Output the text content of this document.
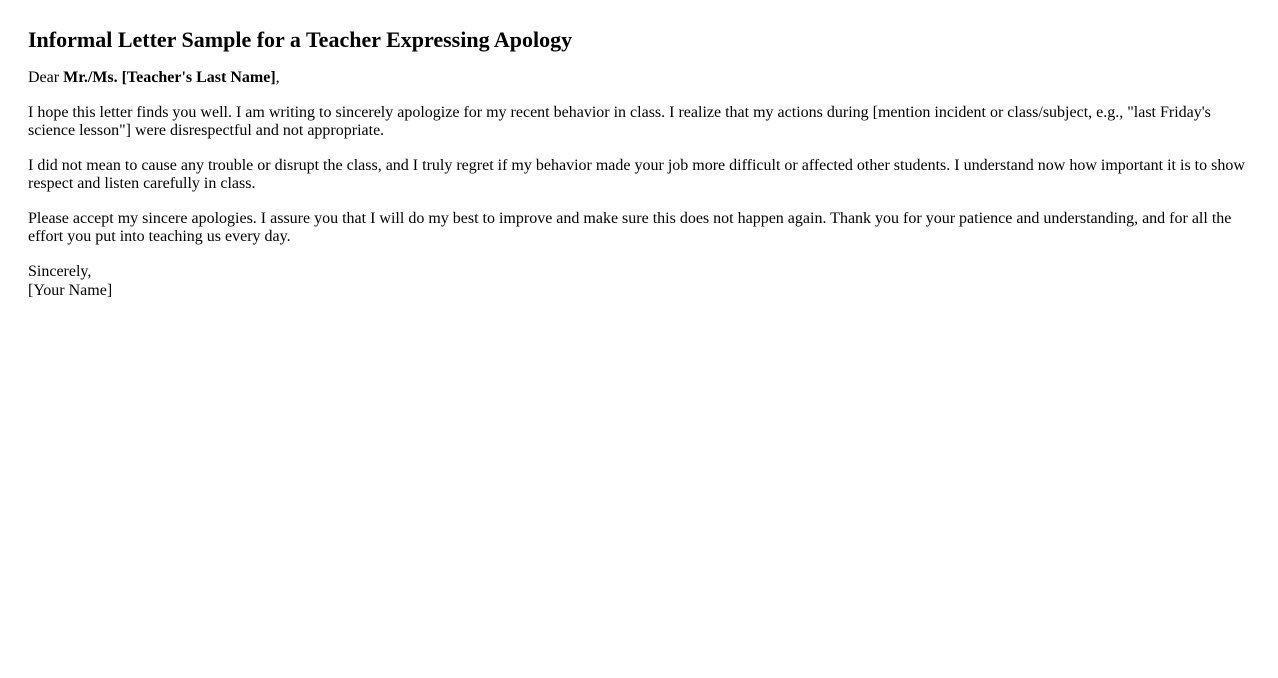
Informal Letter Sample for a Teacher Expressing Apology

Dear Mr./Ms. [Teacher's Last Name],

I hope this letter finds you well. I am writing to sincerely apologize for my recent behavior in class. I realize that my actions during [mention incident or class/subject, e.g., "last Friday's science lesson"] were disrespectful and not appropriate.

I did not mean to cause any trouble or disrupt the class, and I truly regret if my behavior made your job more difficult or affected other students. I understand now how important it is to show respect and listen carefully in class.

Please accept my sincere apologies. I assure you that I will do my best to improve and make sure this does not happen again. Thank you for your patience and understanding, and for all the effort you put into teaching us every day.

Sincerely,
[Your Name]
